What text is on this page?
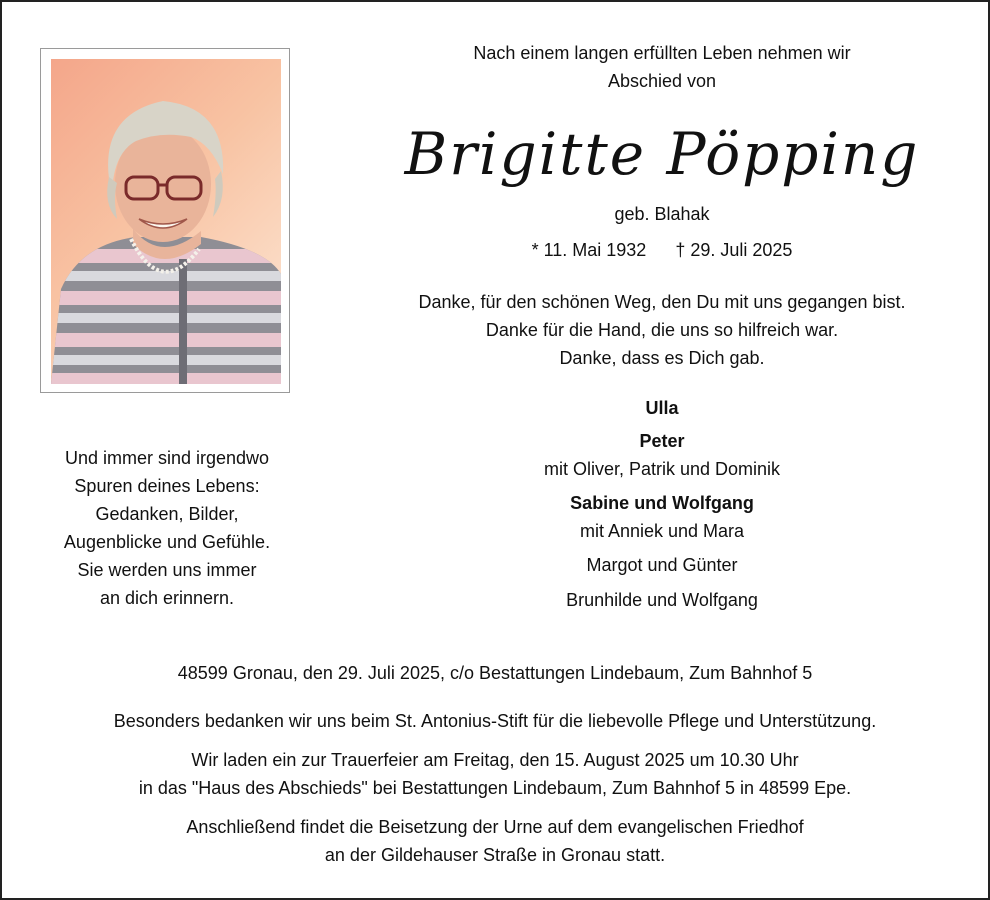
Nach einem langen erfüllten Leben nehmen wir
Abschied von
Brigitte Pöpping
geb. Blahak
* 11. Mai 1932 † 29. Juli 2025
Danke, für den schönen Weg, den Du mit uns gegangen bist.
Danke für die Hand, die uns so hilfreich war.
Danke, dass es Dich gab.
Und immer sind irgendwo
Spuren deines Lebens:
Gedanken, Bilder,
Augenblicke und Gefühle.
Sie werden uns immer
an dich erinnern.
Ulla
Peter
mit Oliver, Patrik und Dominik
Sabine und Wolfgang
mit Anniek und Mara
Margot und Günter
Brunhilde und Wolfgang
48599 Gronau, den 29. Juli 2025, c/o Bestattungen Lindebaum, Zum Bahnhof 5
Besonders bedanken wir uns beim St. Antonius-Stift für die liebevolle Pflege und Unterstützung.
Wir laden ein zur Trauerfeier am Freitag, den 15. August 2025 um 10.30 Uhr
in das "Haus des Abschieds" bei Bestattungen Lindebaum, Zum Bahnhof 5 in 48599 Epe.
Anschließend findet die Beisetzung der Urne auf dem evangelischen Friedhof
an der Gildehauser Straße in Gronau statt.
